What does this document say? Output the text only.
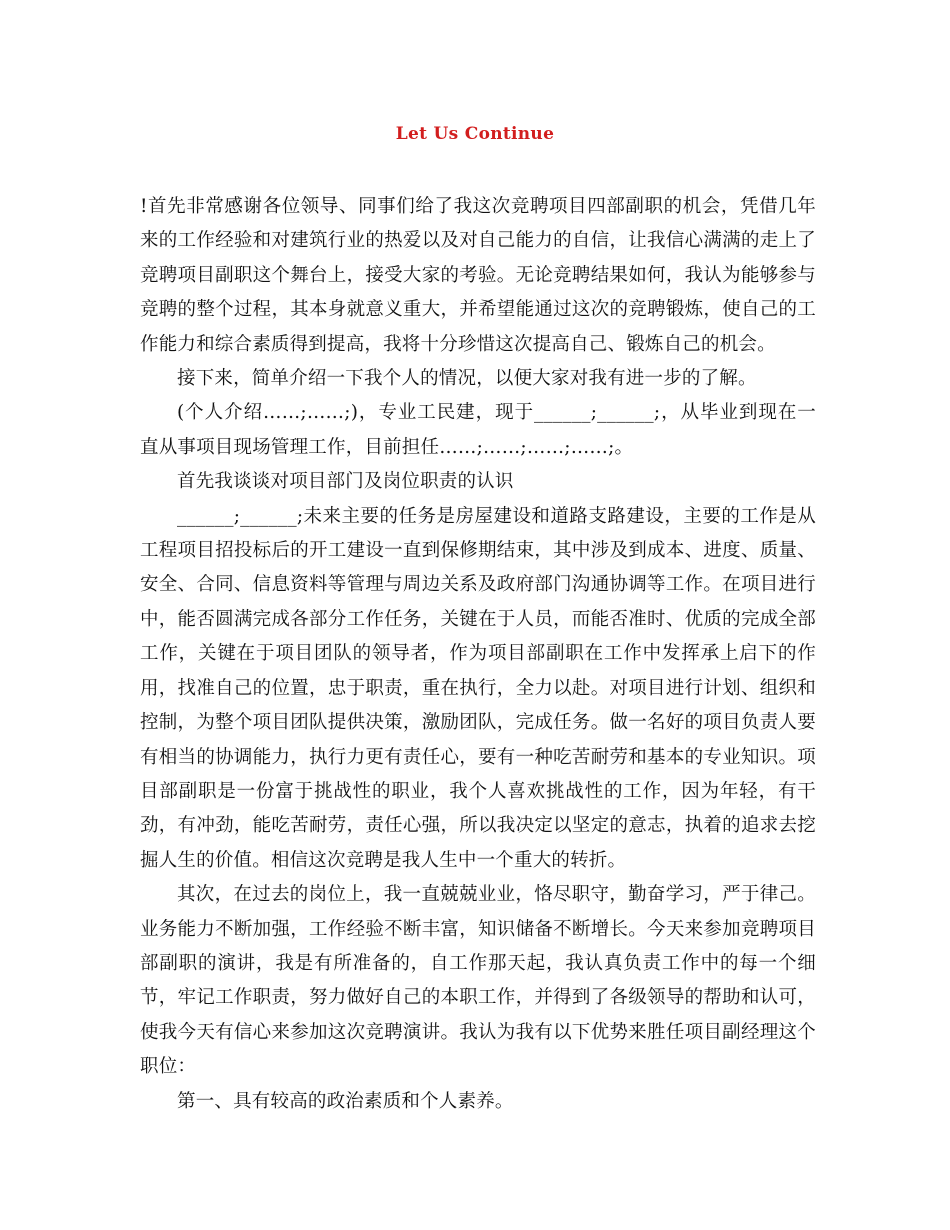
Let Us Continue

!首先非常感谢各位领导、同事们给了我这次竞聘项目四部副职的机会，凭借几年来的工作经验和对建筑行业的热爱以及对自己能力的自信，让我信心满满的走上了竞聘项目副职这个舞台上，接受大家的考验。无论竞聘结果如何，我认为能够参与竞聘的整个过程，其本身就意义重大，并希望能通过这次的竞聘锻炼，使自己的工作能力和综合素质得到提高，我将十分珍惜这次提高自己、锻炼自己的机会。

接下来，简单介绍一下我个人的情况，以便大家对我有进一步的了解。

(个人介绍……;……;)，专业工民建，现于______;______;，从毕业到现在一直从事项目现场管理工作，目前担任……;……;……;……;。

首先我谈谈对项目部门及岗位职责的认识

______;______;未来主要的任务是房屋建设和道路支路建设，主要的工作是从工程项目招投标后的开工建设一直到保修期结束，其中涉及到成本、进度、质量、安全、合同、信息资料等管理与周边关系及政府部门沟通协调等工作。在项目进行中，能否圆满完成各部分工作任务，关键在于人员，而能否准时、优质的完成全部工作，关键在于项目团队的领导者，作为项目部副职在工作中发挥承上启下的作用，找准自己的位置，忠于职责，重在执行，全力以赴。对项目进行计划、组织和控制，为整个项目团队提供决策，激励团队，完成任务。做一名好的项目负责人要有相当的协调能力，执行力更有责任心，要有一种吃苦耐劳和基本的专业知识。项目部副职是一份富于挑战性的职业，我个人喜欢挑战性的工作，因为年轻，有干劲，有冲劲，能吃苦耐劳，责任心强，所以我决定以坚定的意志，执着的追求去挖掘人生的价值。相信这次竞聘是我人生中一个重大的转折。

其次，在过去的岗位上，我一直兢兢业业，恪尽职守，勤奋学习，严于律己。业务能力不断加强，工作经验不断丰富，知识储备不断增长。今天来参加竞聘项目部副职的演讲，我是有所准备的，自工作那天起，我认真负责工作中的每一个细节，牢记工作职责，努力做好自己的本职工作，并得到了各级领导的帮助和认可，使我今天有信心来参加这次竞聘演讲。我认为我有以下优势来胜任项目副经理这个职位：

第一、具有较高的政治素质和个人素养。
